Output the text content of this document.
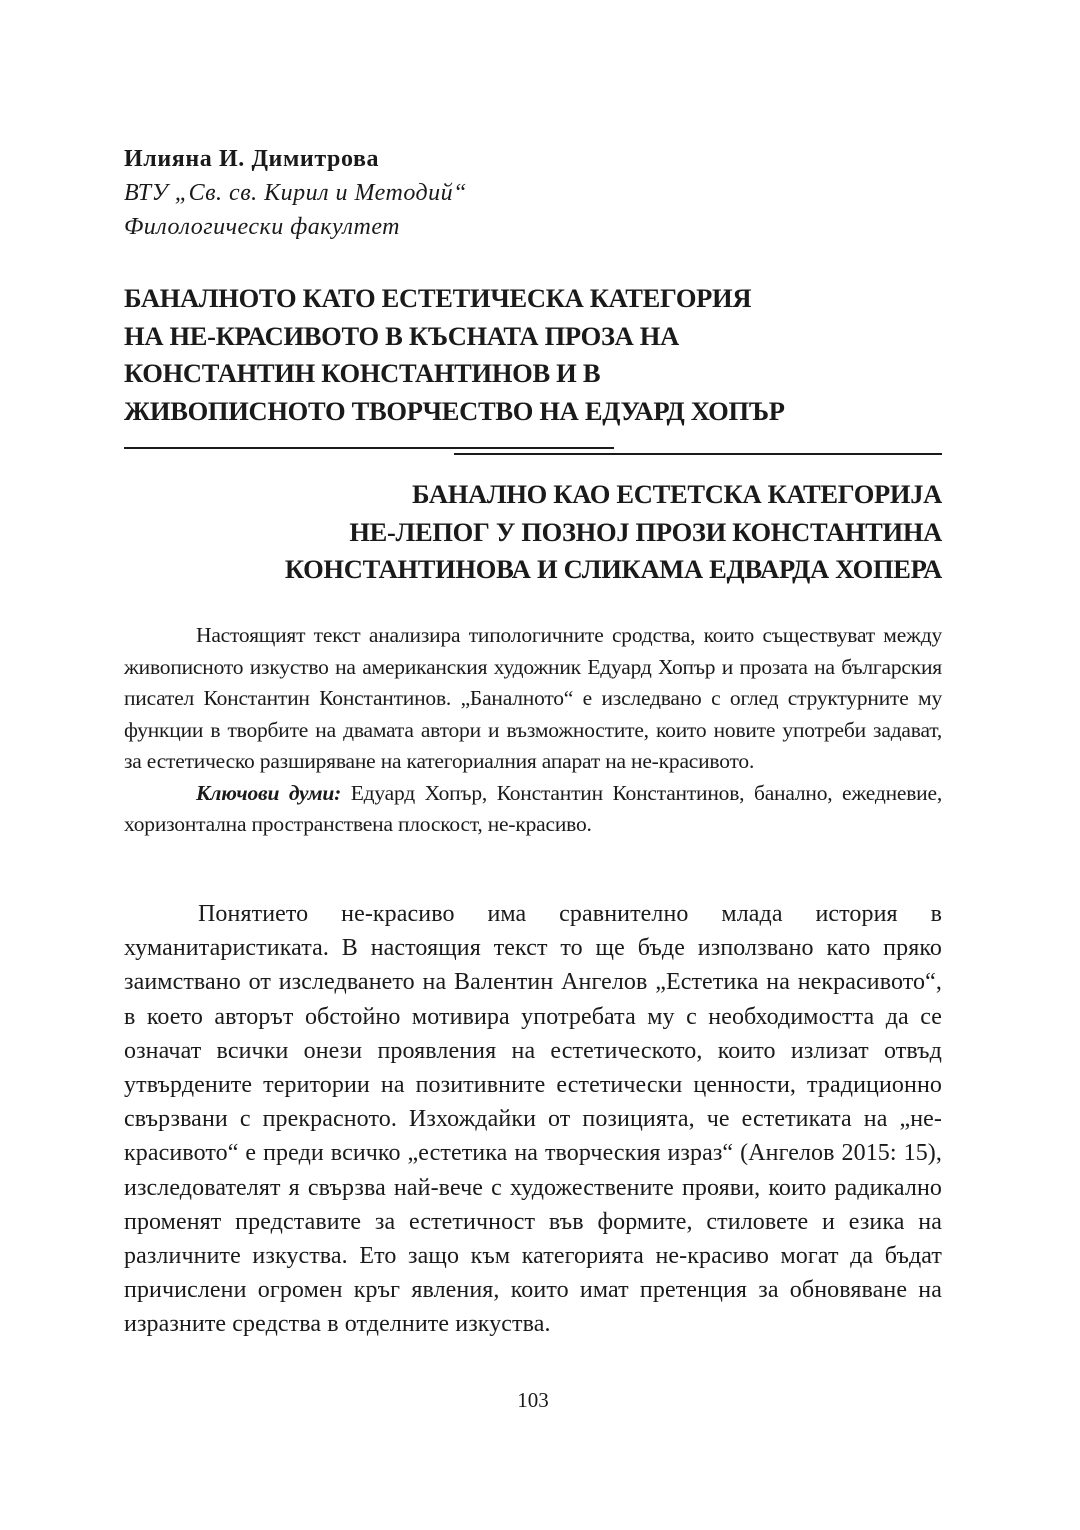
Илияна И. Димитрова
ВТУ „Св. св. Кирил и Методий“
Филологически факултет
БАНАЛНОТО КАТО ЕСТЕТИЧЕСКА КАТЕГОРИЯ
НА НЕ-КРАСИВОТО В КЪСНАТА ПРОЗА НА
КОНСТАНТИН КОНСТАНТИНОВ И В
ЖИВОПИСНОТО ТВОРЧЕСТВО НА ЕДУАРД ХОПЪР
БАНАЛНО КАО ЕСТЕТСКА КАТЕГОРИЈА
НЕ-ЛЕПОГ У ПОЗНОЈ ПРОЗИ КОНСТАНТИНА
КОНСТАНТИНОВА И СЛИКАМА ЕДВАРДА ХОПЕРА

Настоящият текст анализира типологичните сродства, които съществуват между живописното изкуство на американския художник Едуард Хопър и прозата на българския писател Константин Константинов. „Баналното“ е изследвано с оглед структурните му функции в творбите на двамата автори и възможностите, които новите употреби задават, за естетическо разширяване на категориалния апарат на не-красивото.

Ключови думи: Едуард Хопър, Константин Константинов, банално, ежедневие, хоризонтална пространствена плоскост, не-красиво.

Понятието не-красиво има сравнително млада история в хуманитаристиката. В настоящия текст то ще бъде използвано като пряко заимствано от изследването на Валентин Ангелов „Естетика на некрасивото“, в което авторът обстойно мотивира употребата му с необходимостта да се означат всички онези проявления на естетическото, които излизат отвъд утвърдените територии на позитивните естетически ценности, традиционно свързвани с прекрасното. Изхождайки от позицията, че естетиката на „не-красивото“ е преди всичко „естетика на творческия израз“ (Ангелов 2015: 15), изследователят я свързва най-вече с художествените прояви, които радикално променят представите за естетичност във формите, стиловете и езика на различните изкуства. Ето защо към категорията не-красиво могат да бъдат причислени огромен кръг явления, които имат претенция за обновяване на изразните средства в отделните изкуства.

103
